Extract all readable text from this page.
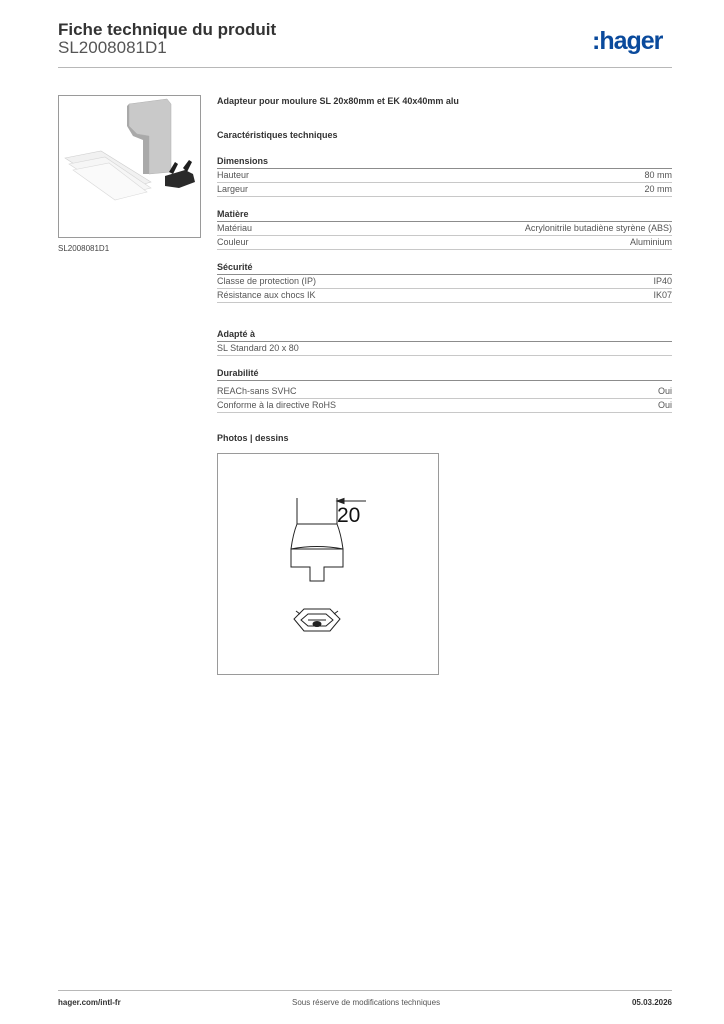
Fiche technique du produit
SL2008081D1	:hager
SL2008081D1
Adapteur pour moulure SL 20x80mm et EK 40x40mm alu
Caractéristiques techniques
Dimensions
Hauteur	80 mm
Largeur	20 mm
Matière
Matériau	Acrylonitrile butadiène styrène (ABS)
Couleur	Aluminium
Sécurité
Classe de protection (IP)	IP40
Résistance aux chocs IK	IK07
Adapté à
SL Standard 20 x 80
Durabilité
REACh-sans SVHC	Oui
Conforme à la directive RoHS	Oui
Photos | dessins
20
hager.com/intl-fr	Sous réserve de modifications techniques	05.03.2026
